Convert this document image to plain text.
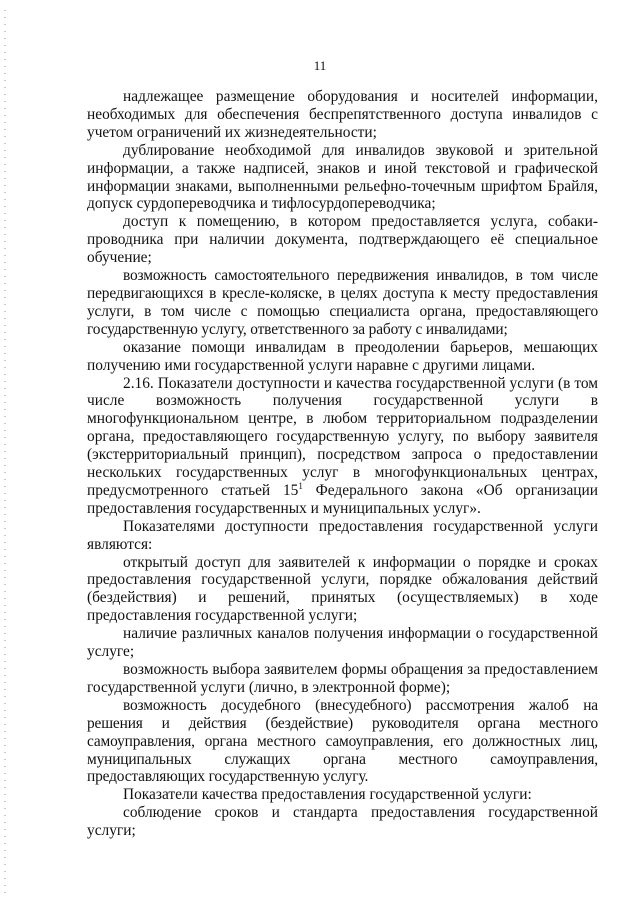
11

надлежащее размещение оборудования и носителей информации, необходимых для обеспечения беспрепятственного доступа инвалидов с учетом ограничений их жизнедеятельности;

дублирование необходимой для инвалидов звуковой и зрительной информации, а также надписей, знаков и иной текстовой и графической информации знаками, выполненными рельефно-точечным шрифтом Брайля, допуск сурдопереводчика и тифлосурдопереводчика;

доступ к помещению, в котором предоставляется услуга, собаки-проводника при наличии документа, подтверждающего её специальное обучение;

возможность самостоятельного передвижения инвалидов, в том числе передвигающихся в кресле-коляске, в целях доступа к месту предоставления услуги, в том числе с помощью специалиста органа, предоставляющего государственную услугу, ответственного за работу с инвалидами;

оказание помощи инвалидам в преодолении барьеров, мешающих получению ими государственной услуги наравне с другими лицами.

2.16. Показатели доступности и качества государственной услуги (в том числе возможность получения государственной услуги в многофункциональном центре, в любом территориальном подразделении органа, предоставляющего государственную услугу, по выбору заявителя (экстерриториальный принцип), посредством запроса о предоставлении нескольких государственных услуг в многофункциональных центрах, предусмотренного статьей $15^1$ Федерального закона «Об организации предоставления государственных и муниципальных услуг».

Показателями доступности предоставления государственной услуги являются:

открытый доступ для заявителей к информации о порядке и сроках предоставления государственной услуги, порядке обжалования действий (бездействия) и решений, принятых (осуществляемых) в ходе предоставления государственной услуги;

наличие различных каналов получения информации о государственной услуге;

возможность выбора заявителем формы обращения за предоставлением государственной услуги (лично, в электронной форме);

возможность досудебного (внесудебного) рассмотрения жалоб на решения и действия (бездействие) руководителя органа местного самоуправления, органа местного самоуправления, его должностных лиц, муниципальных служащих органа местного самоуправления, предоставляющих государственную услугу.

Показатели качества предоставления государственной услуги:

соблюдение сроков и стандарта предоставления государственной услуги;
